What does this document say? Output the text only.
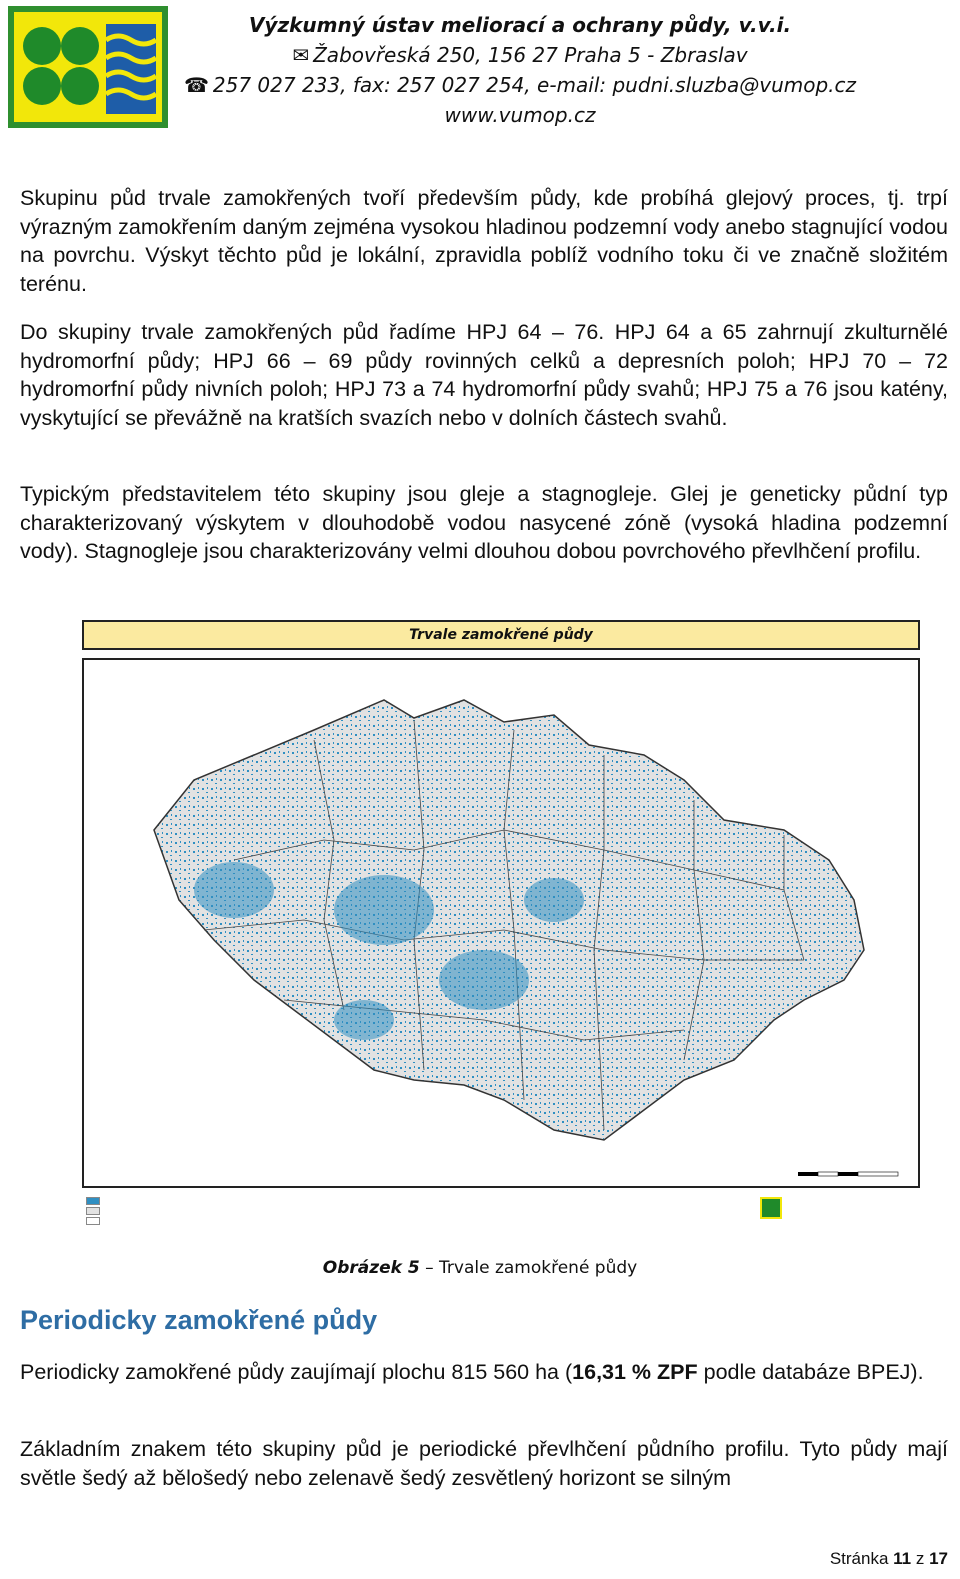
Výzkumný ústav meliorací a ochrany půdy, v.v.i.
✉ Žabovřeská 250, 156 27 Praha 5 - Zbraslav
☎ 257 027 233, fax: 257 027 254, e-mail: pudni.sluzba@vumop.cz
www.vumop.cz

Skupinu půd trvale zamokřených tvoří především půdy, kde probíhá glejový proces, tj. trpí výrazným zamokřením daným zejména vysokou hladinou podzemní vody anebo stagnující vodou na povrchu. Výskyt těchto půd je lokální, zpravidla poblíž vodního toku či ve značně složitém terénu.

Do skupiny trvale zamokřených půd řadíme HPJ 64 – 76. HPJ 64 a 65 zahrnují zkulturnělé hydromorfní půdy; HPJ 66 – 69 půdy rovinných celků a depresních poloh; HPJ 70 – 72 hydromorfní půdy nivních poloh; HPJ 73 a 74 hydromorfní půdy svahů; HPJ 75 a 76 jsou katény, vyskytující se převážně na kratších svazích nebo v dolních částech svahů.

Typickým představitelem této skupiny jsou gleje a stagnogleje. Glej je geneticky půdní typ charakterizovaný výskytem v dlouhodobě vodou nasycené zóně (vysoká hladina podzemní vody). Stagnogleje jsou charakterizovány velmi dlouhou dobou povrchového převlhčení profilu.

Trvale zamokřené půdy
Obrázek 5 – Trvale zamokřené půdy
Periodicky zamokřené půdy

Periodicky zamokřené půdy zaujímají plochu 815 560 ha (16,31 % ZPF podle databáze BPEJ).

Základním znakem této skupiny půd je periodické převlhčení půdního profilu. Tyto půdy mají světle šedý až bělošedý nebo zelenavě šedý zesvětlený horizont se silným

Stránka 11 z 17
